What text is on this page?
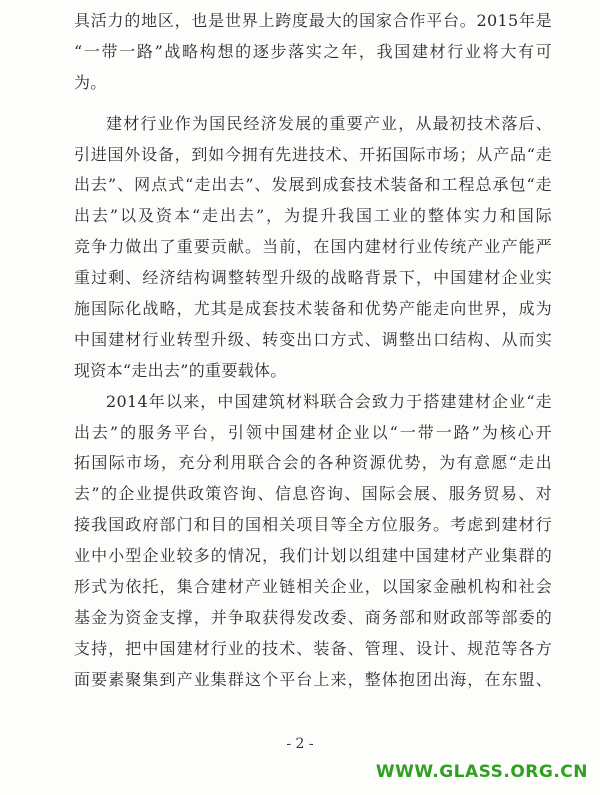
具活力的地区，也是世界上跨度最大的国家合作平台。2015年是
“一带一路”战略构想的逐步落实之年，我国建材行业将大有可
为。
建材行业作为国民经济发展的重要产业，从最初技术落后、
引进国外设备，到如今拥有先进技术、开拓国际市场；从产品“走
出去”、网点式“走出去”、发展到成套技术装备和工程总承包“走
出去”以及资本“走出去”，为提升我国工业的整体实力和国际
竞争力做出了重要贡献。当前，在国内建材行业传统产业产能严
重过剩、经济结构调整转型升级的战略背景下，中国建材企业实
施国际化战略，尤其是成套技术装备和优势产能走向世界，成为
中国建材行业转型升级、转变出口方式、调整出口结构、从而实
现资本“走出去”的重要载体。
2014年以来，中国建筑材料联合会致力于搭建建材企业“走
出去”的服务平台，引领中国建材企业以“一带一路”为核心开
拓国际市场，充分利用联合会的各种资源优势，为有意愿“走出
去”的企业提供政策咨询、信息咨询、国际会展、服务贸易、对
接我国政府部门和目的国相关项目等全方位服务。考虑到建材行
业中小型企业较多的情况，我们计划以组建中国建材产业集群的
形式为依托，集合建材产业链相关企业，以国家金融机构和社会
基金为资金支撑，并争取获得发改委、商务部和财政部等部委的
支持，把中国建材行业的技术、装备、管理、设计、规范等各方
面要素聚集到产业集群这个平台上来，整体抱团出海，在东盟、
- 2 -
WWW.GLASS.ORG.CN
